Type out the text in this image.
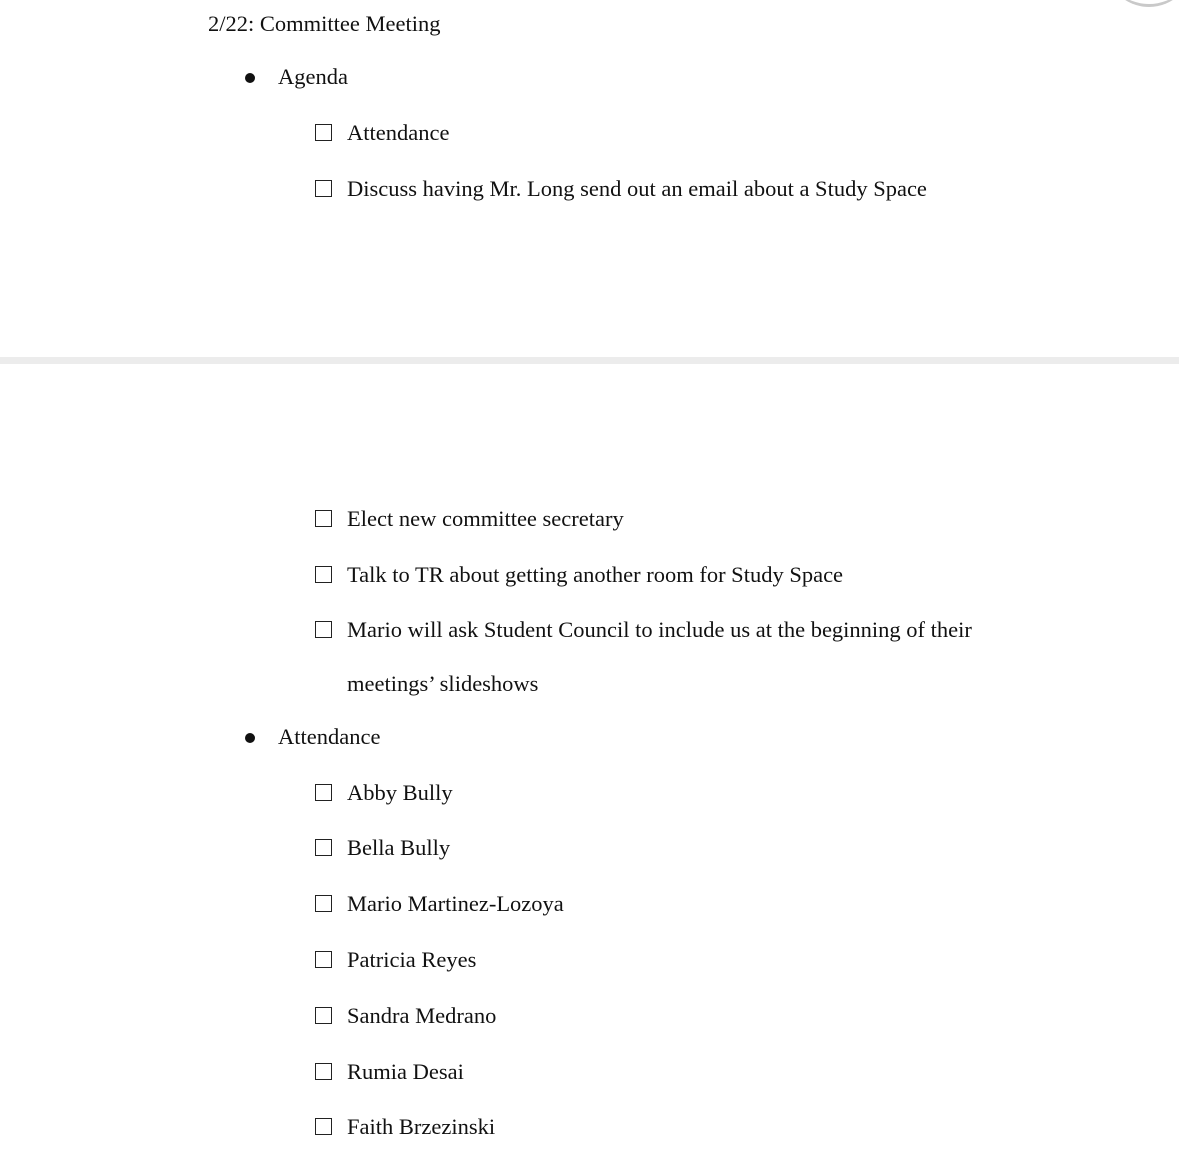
2/22: Committee Meeting
Agenda
Attendance
Discuss having Mr. Long send out an email about a Study Space
Elect new committee secretary
Talk to TR about getting another room for Study Space
Mario will ask Student Council to include us at the beginning of their
meetings’ slideshows
Attendance
Abby Bully
Bella Bully
Mario Martinez-Lozoya
Patricia Reyes
Sandra Medrano
Rumia Desai
Faith Brzezinski
